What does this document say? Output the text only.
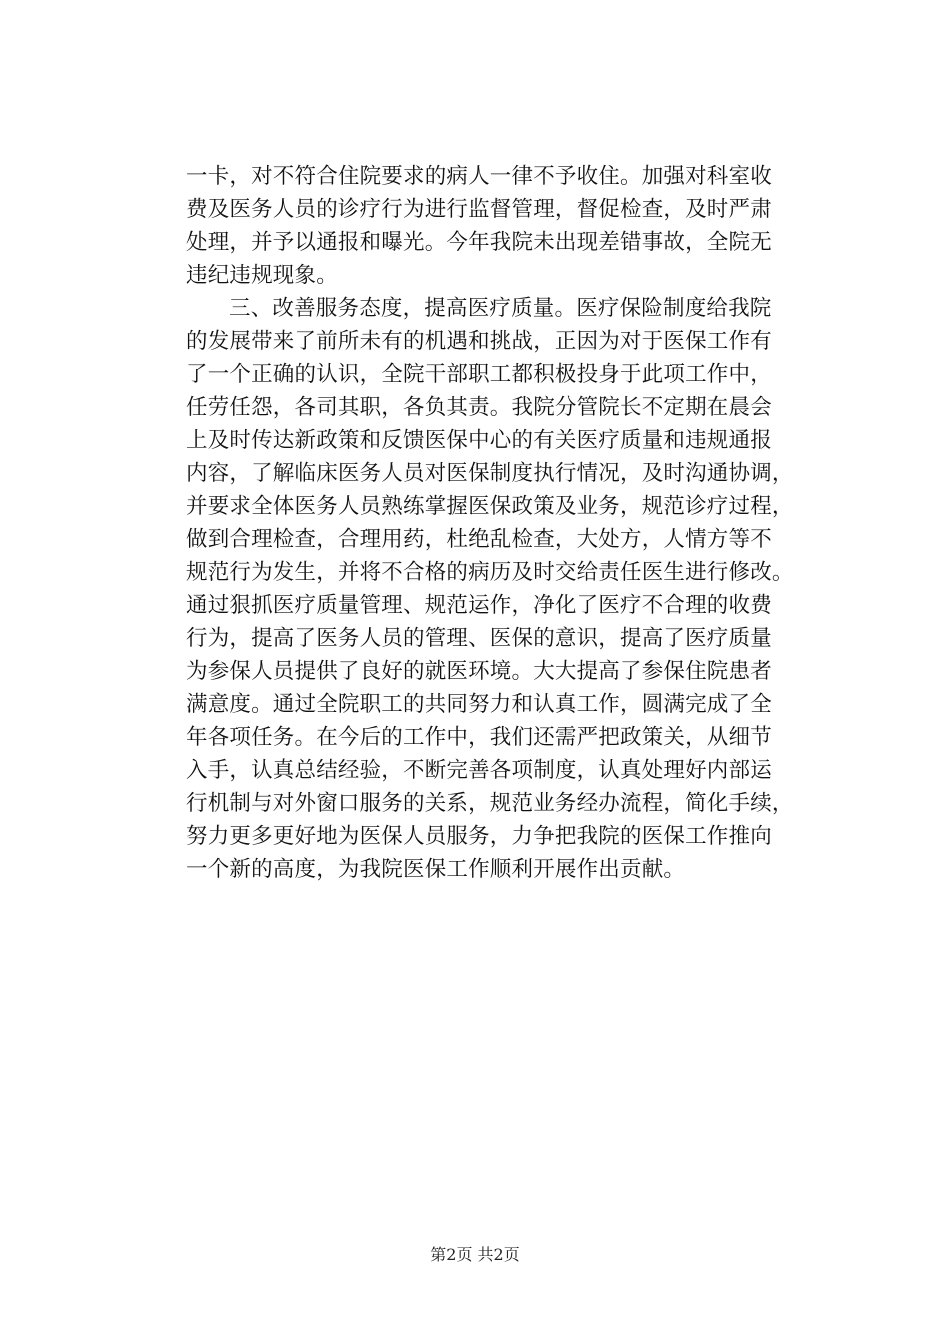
一卡，对不符合住院要求的病人一律不予收住。加强对科室收
费及医务人员的诊疗行为进行监督管理，督促检查，及时严肃
处理，并予以通报和曝光。今年我院未出现差错事故，全院无
违纪违规现象。
三、改善服务态度，提高医疗质量。医疗保险制度给我院
的发展带来了前所未有的机遇和挑战，正因为对于医保工作有
了一个正确的认识，全院干部职工都积极投身于此项工作中，
任劳任怨，各司其职，各负其责。我院分管院长不定期在晨会
上及时传达新政策和反馈医保中心的有关医疗质量和违规通报
内容，了解临床医务人员对医保制度执行情况，及时沟通协调，
并要求全体医务人员熟练掌握医保政策及业务，规范诊疗过程，
做到合理检查，合理用药，杜绝乱检查，大处方，人情方等不
规范行为发生，并将不合格的病历及时交给责任医生进行修改。
通过狠抓医疗质量管理、规范运作，净化了医疗不合理的收费
行为，提高了医务人员的管理、医保的意识，提高了医疗质量
为参保人员提供了良好的就医环境。大大提高了参保住院患者
满意度。通过全院职工的共同努力和认真工作，圆满完成了全
年各项任务。在今后的工作中，我们还需严把政策关，从细节
入手，认真总结经验，不断完善各项制度，认真处理好内部运
行机制与对外窗口服务的关系，规范业务经办流程，简化手续，
努力更多更好地为医保人员服务，力争把我院的医保工作推向
一个新的高度，为我院医保工作顺利开展作出贡献。
第2页 共2页
